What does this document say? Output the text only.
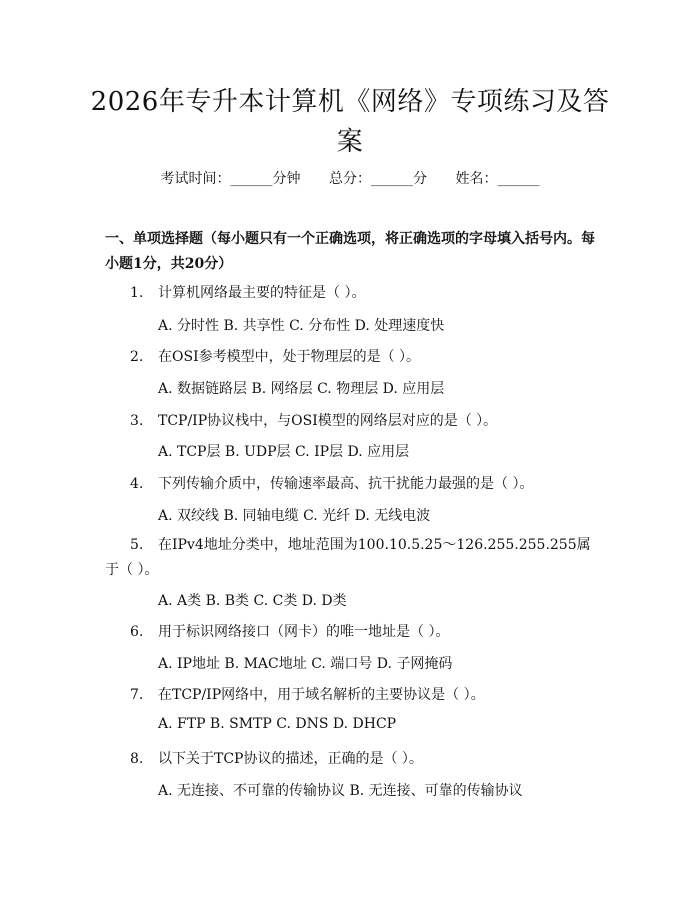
2026年专升本计算机《网络》专项练习及答案
考试时间：______分钟 总分：______分 姓名：______
一、单项选择题（每小题只有一个正确选项，将正确选项的字母填入括号内。每小题1分，共20分）
1. 计算机网络最主要的特征是（ ）。
A. 分时性 B. 共享性 C. 分布性 D. 处理速度快
2. 在OSI参考模型中，处于物理层的是（ ）。
A. 数据链路层 B. 网络层 C. 物理层 D. 应用层
3. TCP/IP协议栈中，与OSI模型的网络层对应的是（ ）。
A. TCP层 B. UDP层 C. IP层 D. 应用层
4. 下列传输介质中，传输速率最高、抗干扰能力最强的是（ ）。
A. 双绞线 B. 同轴电缆 C. 光纤 D. 无线电波
5. 在IPv4地址分类中，地址范围为100.10.5.25～126.255.255.255属于（ ）。
A. A类 B. B类 C. C类 D. D类
6. 用于标识网络接口（网卡）的唯一地址是（ ）。
A. IP地址 B. MAC地址 C. 端口号 D. 子网掩码
7. 在TCP/IP网络中，用于域名解析的主要协议是（ ）。
A. FTP B. SMTP C. DNS D. DHCP
8. 以下关于TCP协议的描述，正确的是（ ）。
A. 无连接、不可靠的传输协议 B. 无连接、可靠的传输协议
